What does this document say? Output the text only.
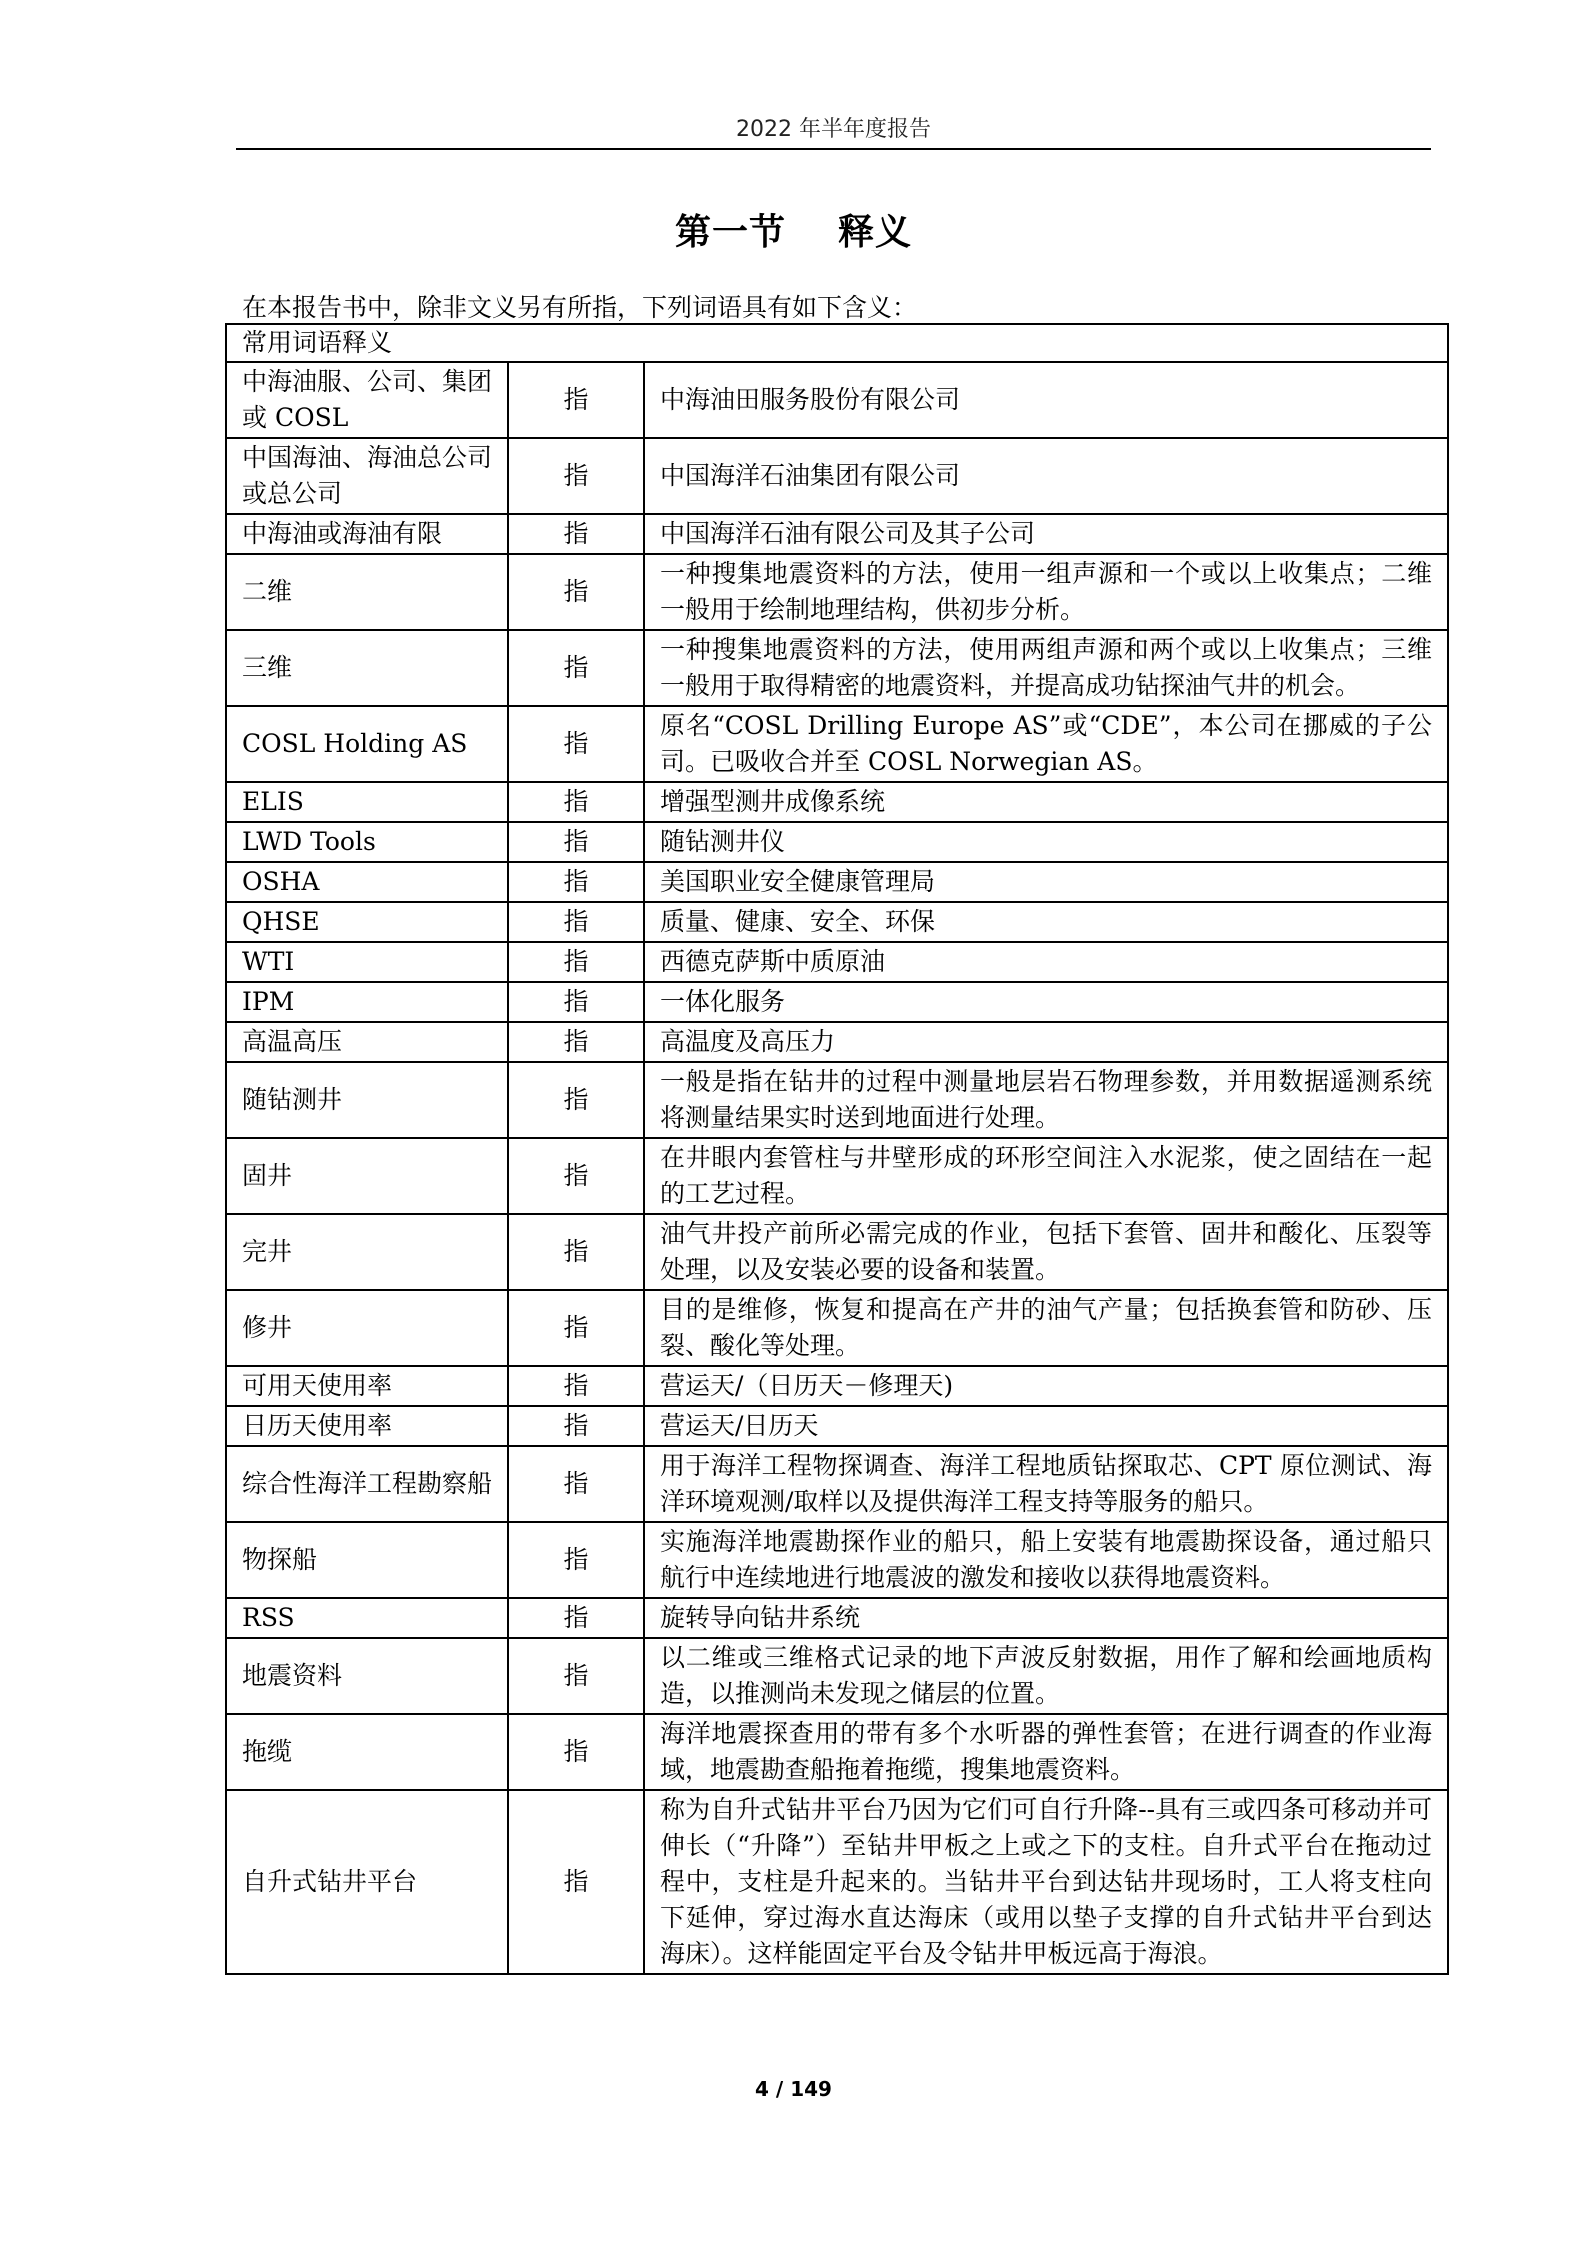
2022 年半年度报告
第一节 释义
在本报告书中，除非文义另有所指，下列词语具有如下含义：
常用词语释义		
中海油服、公司、集团或 COSL	指	中海油田服务股份有限公司
中国海油、海油总公司或总公司	指	中国海洋石油集团有限公司
中海油或海油有限	指	中国海洋石油有限公司及其子公司
二维	指	一种搜集地震资料的方法，使用一组声源和一个或以上收集点；二维一般用于绘制地理结构，供初步分析。
三维	指	一种搜集地震资料的方法，使用两组声源和两个或以上收集点；三维一般用于取得精密的地震资料，并提高成功钻探油气井的机会。
COSL Holding AS	指	原名“COSL Drilling Europe AS”或“CDE”，本公司在挪威的子公司。已吸收合并至 COSL Norwegian AS。
ELIS	指	增强型测井成像系统
LWD Tools	指	随钻测井仪
OSHA	指	美国职业安全健康管理局
QHSE	指	质量、健康、安全、环保
WTI	指	西德克萨斯中质原油
IPM	指	一体化服务
高温高压	指	高温度及高压力
随钻测井	指	一般是指在钻井的过程中测量地层岩石物理参数，并用数据遥测系统将测量结果实时送到地面进行处理。
固井	指	在井眼内套管柱与井壁形成的环形空间注入水泥浆，使之固结在一起的工艺过程。
完井	指	油气井投产前所必需完成的作业，包括下套管、固井和酸化、压裂等处理，以及安装必要的设备和装置。
修井	指	目的是维修，恢复和提高在产井的油气产量；包括换套管和防砂、压裂、酸化等处理。
可用天使用率	指	营运天/（日历天－修理天)
日历天使用率	指	营运天/日历天
综合性海洋工程勘察船	指	用于海洋工程物探调查、海洋工程地质钻探取芯、CPT 原位测试、海洋环境观测/取样以及提供海洋工程支持等服务的船只。
物探船	指	实施海洋地震勘探作业的船只，船上安装有地震勘探设备，通过船只航行中连续地进行地震波的激发和接收以获得地震资料。
RSS	指	旋转导向钻井系统
地震资料	指	以二维或三维格式记录的地下声波反射数据，用作了解和绘画地质构造，以推测尚未发现之储层的位置。
拖缆	指	海洋地震探查用的带有多个水听器的弹性套管；在进行调查的作业海域，地震勘查船拖着拖缆，搜集地震资料。
自升式钻井平台	指	称为自升式钻井平台乃因为它们可自行升降--具有三或四条可移动并可伸长（“升降”）至钻井甲板之上或之下的支柱。自升式平台在拖动过程中，支柱是升起来的。当钻井平台到达钻井现场时，工人将支柱向下延伸，穿过海水直达海床（或用以垫子支撑的自升式钻井平台到达海床）。这样能固定平台及令钻井甲板远高于海浪。
4 / 149
